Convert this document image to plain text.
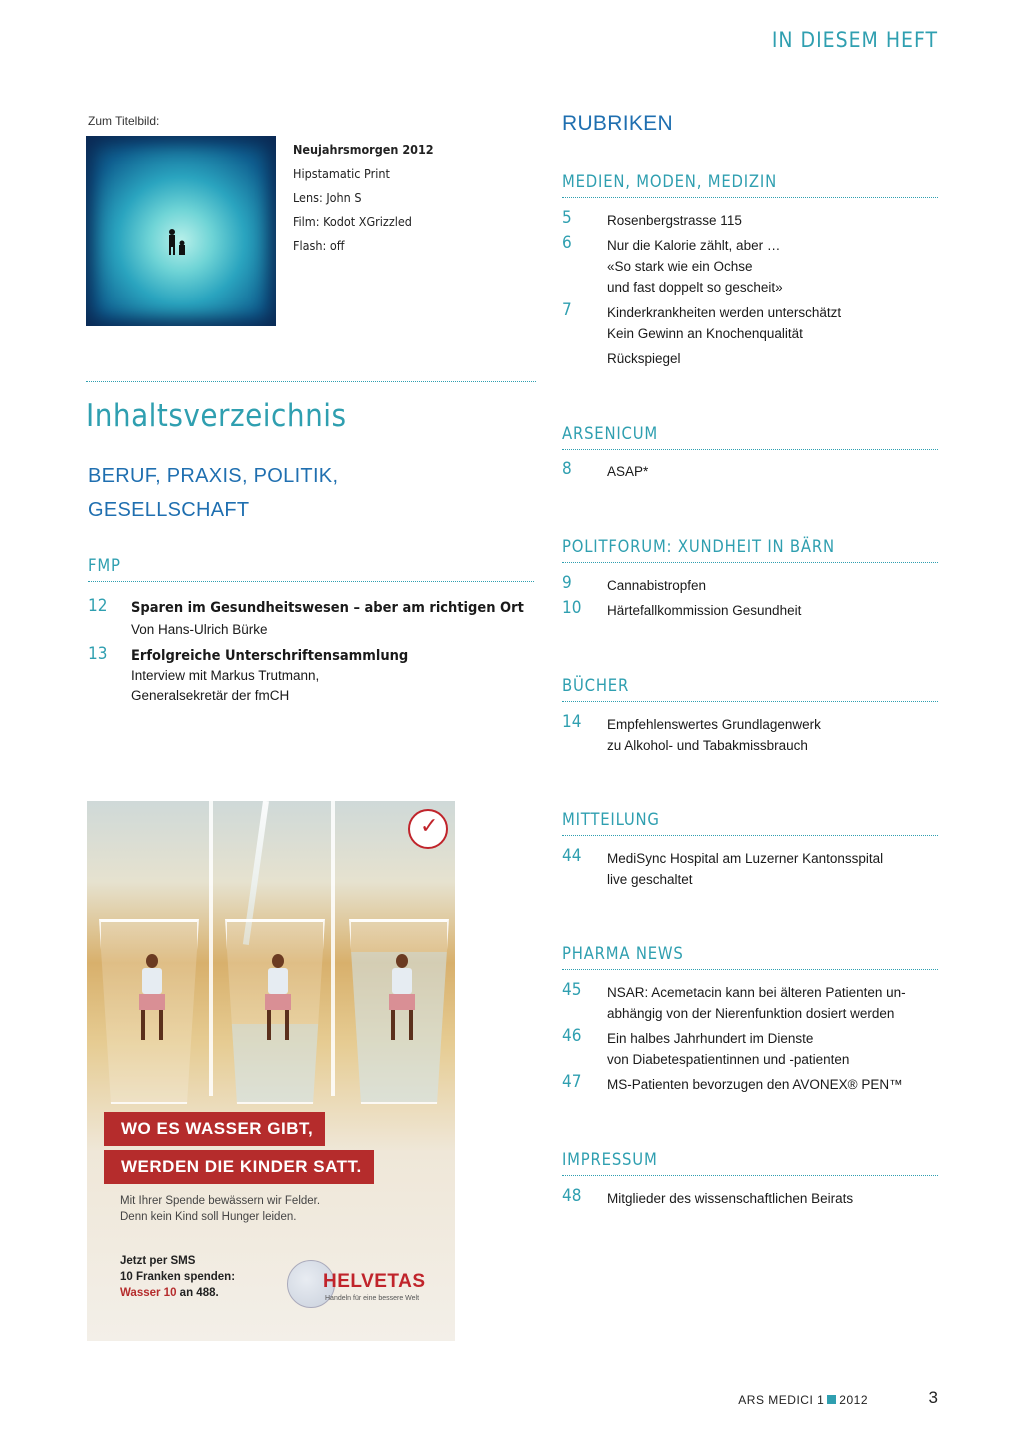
IN DIESEM HEFT
Zum Titelbild:
Neujahrsmorgen 2012
Hipstamatic Print
Lens: John S
Film: Kodot XGrizzled
Flash: off
Inhaltsverzeichnis
BERUF, PRAXIS, POLITIK,
GESELLSCHAFT
FMP
12 Sparen im Gesundheitswesen – aber am richtigen Ort
Von Hans-Ulrich Bürke
13 Erfolgreiche Unterschriftensammlung
Interview mit Markus Trutmann,
Generalsekretär der fmCH
RUBRIKEN
MEDIEN, MODEN, MEDIZIN
5	Rosenbergstrasse 115
6	Nur die Kalorie zählt, aber …
«So stark wie ein Ochse
und fast doppelt so gescheit»
7	Kinderkrankheiten werden unterschätzt
Kein Gewinn an Knochenqualität
Rückspiegel
ARSENICUM
8	ASAP*
POLITFORUM: XUNDHEIT IN BÄRN
9	Cannabistropfen
10 Härtefallkommission Gesundheit
BÜCHER
14 Empfehlenswertes Grundlagenwerk
zu Alkohol- und Tabakmissbrauch
MITTEILUNG
44 MediSync Hospital am Luzerner Kantonsspital
live geschaltet
PHARMA NEWS
45 NSAR: Acemetacin kann bei älteren Patienten un-
abhängig von der Nierenfunktion dosiert werden
46 Ein halbes Jahrhundert im Dienste
von Diabetespatientinnen und -patienten
47 MS-Patienten bevorzugen den AVONEX® PEN™
IMPRESSUM
48 Mitglieder des wissenschaftlichen Beirats
✓
WO ES WASSER GIBT,
WERDEN DIE KINDER SATT.
Mit Ihrer Spende bewässern wir Felder.
Denn kein Kind soll Hunger leiden.
Jetzt per SMS
10 Franken spenden:
Wasser 10 an 488.
HELVETAS
Handeln für eine bessere Welt
ARS MEDICI 1 2012	3
